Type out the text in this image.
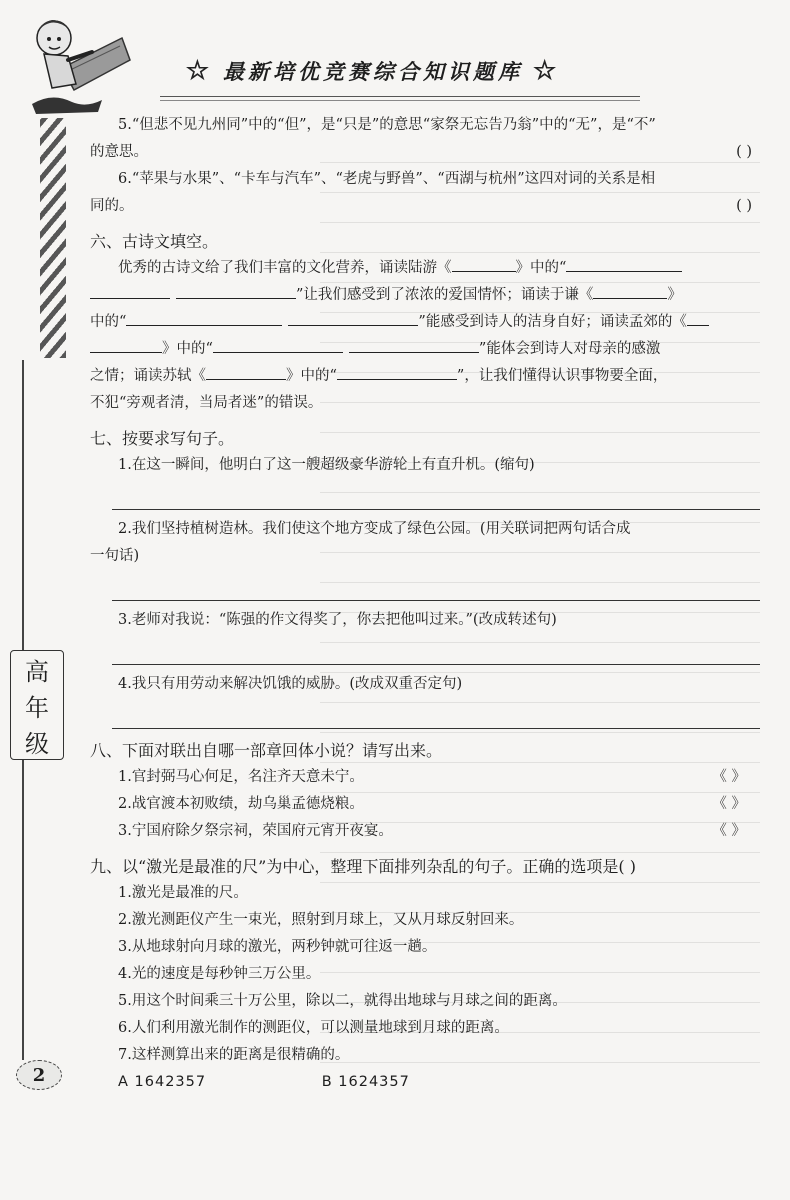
☆ 最新培优竞赛综合知识题库 ☆
高
年
级
2
5.“但悲不见九州同”中的“但”，是“只是”的意思“家祭无忘告乃翁”中的“无”，是“不”
的意思。	( )
6.“苹果与水果”、“卡车与汽车”、“老虎与野兽”、“西湖与杭州”这四对词的关系是相
同的。	( )
六、古诗文填空。
优秀的古诗文给了我们丰富的文化营养，诵读陆游《	》中的“
”让我们感受到了浓浓的爱国情怀；诵读于谦《	》
中的“	”能感受到诗人的洁身自好；诵读孟郊的《
》中的“	”能体会到诗人对母亲的感激
之情；诵读苏轼《	》中的“	”，让我们懂得认识事物要全面，
不犯“旁观者清，当局者迷”的错误。
七、按要求写句子。
1.在这一瞬间，他明白了这一艘超级豪华游轮上有直升机。(缩句)
2.我们坚持植树造林。我们使这个地方变成了绿色公园。(用关联词把两句话合成
一句话)
3.老师对我说：“陈强的作文得奖了，你去把他叫过来。”(改成转述句)
4.我只有用劳动来解决饥饿的威胁。(改成双重否定句)
八、下面对联出自哪一部章回体小说？请写出来。
1.官封弼马心何足，名注齐天意未宁。	《 》
2.战官渡本初败绩，劫乌巢孟德烧粮。	《 》
3.宁国府除夕祭宗祠，荣国府元宵开夜宴。	《 》
九、以“激光是最准的尺”为中心，整理下面排列杂乱的句子。正确的选项是( )
1.激光是最准的尺。
2.激光测距仪产生一束光，照射到月球上，又从月球反射回来。
3.从地球射向月球的激光，两秒钟就可往返一趟。
4.光的速度是每秒钟三万公里。
5.用这个时间乘三十万公里，除以二，就得出地球与月球之间的距离。
6.人们利用激光制作的测距仪，可以测量地球到月球的距离。
7.这样测算出来的距离是很精确的。
A 1642357	B 1624357
